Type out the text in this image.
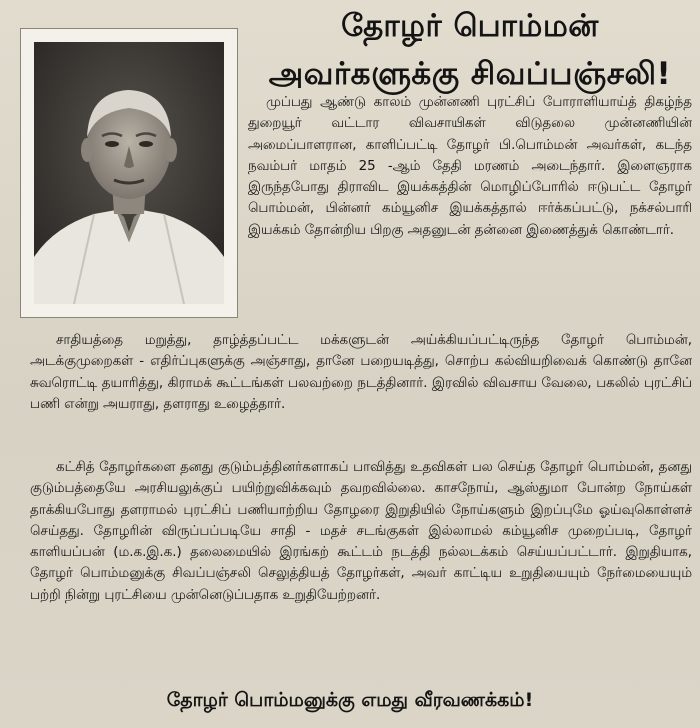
தோழர் பொம்மன்
அவர்களுக்கு சிவப்பஞ்சலி!

முப்பது ஆண்டு காலம் முன்னணி புரட்சிப் போராளியாய்த் திகழ்ந்த துறையூர் வட்டார விவசாயிகள் விடுதலை முன்னணியின் அமைப்பாளரான, காளிப்பட்டி தோழர் பி.பொம்மன் அவர்கள், கடந்த நவம்பர் மாதம் 25 -ஆம் தேதி மரணம் அடைந்தார். இளைஞராக இருந்தபோது திராவிட இயக்கத்தின் மொழிப்போரில் ஈடுபட்ட தோழர் பொம்மன், பின்னர் கம்யூனிச இயக்கத்தால் ஈர்க்கப்பட்டு, நக்சல்பாரி இயக்கம் தோன்றிய பிறகு அதனுடன் தன்னை இணைத்துக் கொண்டார்.

சாதியத்தை மறுத்து, தாழ்த்தப்பட்ட மக்களுடன் அய்க்கியப்பட்டிருந்த தோழர் பொம்மன், அடக்குமுறைகள் - எதிர்ப்புகளுக்கு அஞ்சாது, தானே பறையடித்து, சொற்ப கல்வியறிவைக் கொண்டு தானே சுவரொட்டி தயாரித்து, கிராமக் கூட்டங்கள் பலவற்றை நடத்தினார். இரவில் விவசாய வேலை, பகலில் புரட்சிப் பணி என்று அயராது, தளராது உழைத்தார்.

கட்சித் தோழர்களை தனது குடும்பத்தினர்களாகப் பாவித்து உதவிகள் பல செய்த தோழர் பொம்மன், தனது குடும்பத்தையே அரசியலுக்குப் பயிற்றுவிக்கவும் தவறவில்லை. காசநோய், ஆஸ்துமா போன்ற நோய்கள் தாக்கியபோது தளராமல் புரட்சிப் பணியாற்றிய தோழரை இறுதியில் நோய்களும் இறப்புமே ஓய்வுகொள்ளச் செய்தது. தோழரின் விருப்பப்படியே சாதி - மதச் சடங்குகள் இல்லாமல் கம்யூனிச முறைப்படி, தோழர் காளியப்பன் (ம.க.இ.க.) தலைமையில் இரங்கற் கூட்டம் நடத்தி நல்லடக்கம் செய்யப்பட்டார். இறுதியாக, தோழர் பொம்மனுக்கு சிவப்பஞ்சலி செலுத்தியத் தோழர்கள், அவர் காட்டிய உறுதியையும் நேர்மையையும் பற்றி நின்று புரட்சியை முன்னெடுப்பதாக உறுதியேற்றனர்.

தோழர் பொம்மனுக்கு எமது வீரவணக்கம்!
